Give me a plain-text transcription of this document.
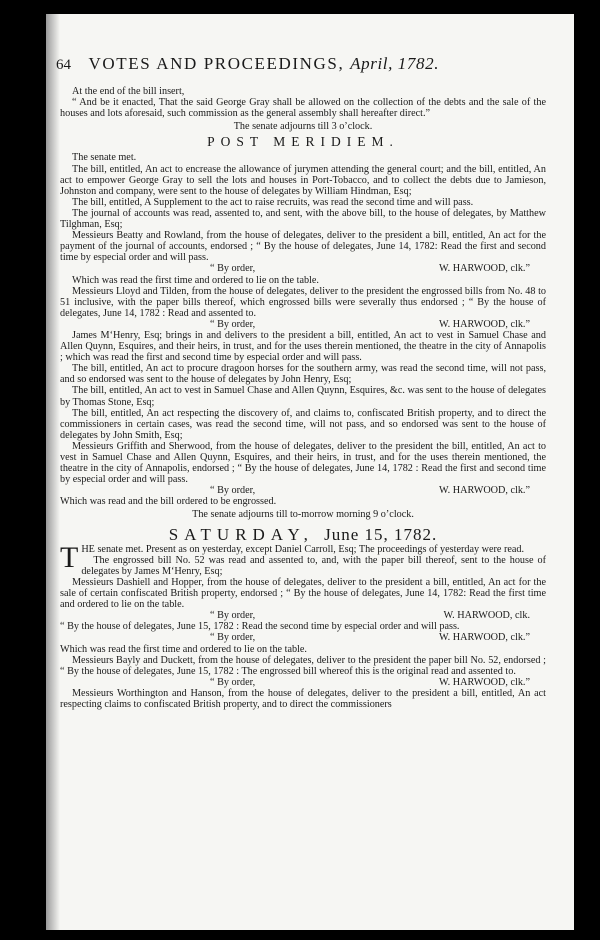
64 VOTES AND PROCEEDINGS, April, 1782.

At the end of the bill insert,

“ And be it enacted, That the said George Gray shall be allowed on the collection of the debts and the sale of the houses and lots aforesaid, such commission as the general assembly shall hereafter direct.”

The senate adjourns till 3 o’clock.

POST MERIDIEM.

The senate met.

The bill, entitled, An act to encrease the allowance of jurymen attending the general court; and the bill, entitled, An act to empower George Gray to sell the lots and houses in Port-Tobacco, and to collect the debts due to Jamieson, Johnston and company, were sent to the house of delegates by William Hindman, Esq;

The bill, entitled, A Supplement to the act to raise recruits, was read the second time and will pass.

The journal of accounts was read, assented to, and sent, with the above bill, to the house of delegates, by Matthew Tilghman, Esq;

Messieurs Beatty and Rowland, from the house of delegates, deliver to the president a bill, entitled, An act for the payment of the journal of accounts, endorsed ; “ By the house of delegates, June 14, 1782: Read the first and second time by especial order and will pass.

“ By order,	W. HARWOOD, clk.”

Which was read the first time and ordered to lie on the table.

Messieurs Lloyd and Tilden, from the house of delegates, deliver to the president the engrossed bills from No. 48 to 51 inclusive, with the paper bills thereof, which engrossed bills were severally thus endorsed ; “ By the house of delegates, June 14, 1782 : Read and assented to.

“ By order,	W. HARWOOD, clk.”

James M‘Henry, Esq; brings in and delivers to the president a bill, entitled, An act to vest in Samuel Chase and Allen Quynn, Esquires, and their heirs, in trust, and for the uses therein mentioned, the theatre in the city of Annapolis ; which was read the first and second time by especial order and will pass.

The bill, entitled, An act to procure dragoon horses for the southern army, was read the second time, will not pass, and so endorsed was sent to the house of delegates by John Henry, Esq;

The bill, entitled, An act to vest in Samuel Chase and Allen Quynn, Esquires, &c. was sent to the house of delegates by Thomas Stone, Esq;

The bill, entitled, An act respecting the discovery of, and claims to, confiscated British property, and to direct the commissioners in certain cases, was read the second time, will not pass, and so endorsed was sent to the house of delegates by John Smith, Esq;

Messieurs Griffith and Sherwood, from the house of delegates, deliver to the president the bill, entitled, An act to vest in Samuel Chase and Allen Quynn, Esquires, and their heirs, in trust, and for the uses therein mentioned, the theatre in the city of Annapolis, endorsed ; “ By the house of delegates, June 14, 1782 : Read the first and second time by especial order and will pass.

“ By order,	W. HARWOOD, clk.”

Which was read and the bill ordered to be engrossed.

The senate adjourns till to-morrow morning 9 o’clock.

SATURDAY, June 15, 1782.

THE senate met. Present as on yesterday, except Daniel Carroll, Esq; The proceedings of yesterday were read.

The engrossed bill No. 52 was read and assented to, and, with the paper bill thereof, sent to the house of delegates by James M‘Henry, Esq;

Messieurs Dashiell and Hopper, from the house of delegates, deliver to the president a bill, entitled, An act for the sale of certain confiscated British property, endorsed ; “ By the house of delegates, June 14, 1782: Read the first time and ordered to lie on the table.

“ By order,	W. HARWOOD, clk.

“ By the house of delegates, June 15, 1782 : Read the second time by especial order and will pass.

“ By order,	W. HARWOOD, clk.”

Which was read the first time and ordered to lie on the table.

Messieurs Bayly and Duckett, from the house of delegates, deliver to the president the paper bill No. 52, endorsed ; “ By the house of delegates, June 15, 1782 : The engrossed bill whereof this is the original read and assented to.

“ By order,	W. HARWOOD, clk.”

Messieurs Worthington and Hanson, from the house of delegates, deliver to the president a bill, entitled, An act respecting claims to confiscated British property, and to direct the commissioners
